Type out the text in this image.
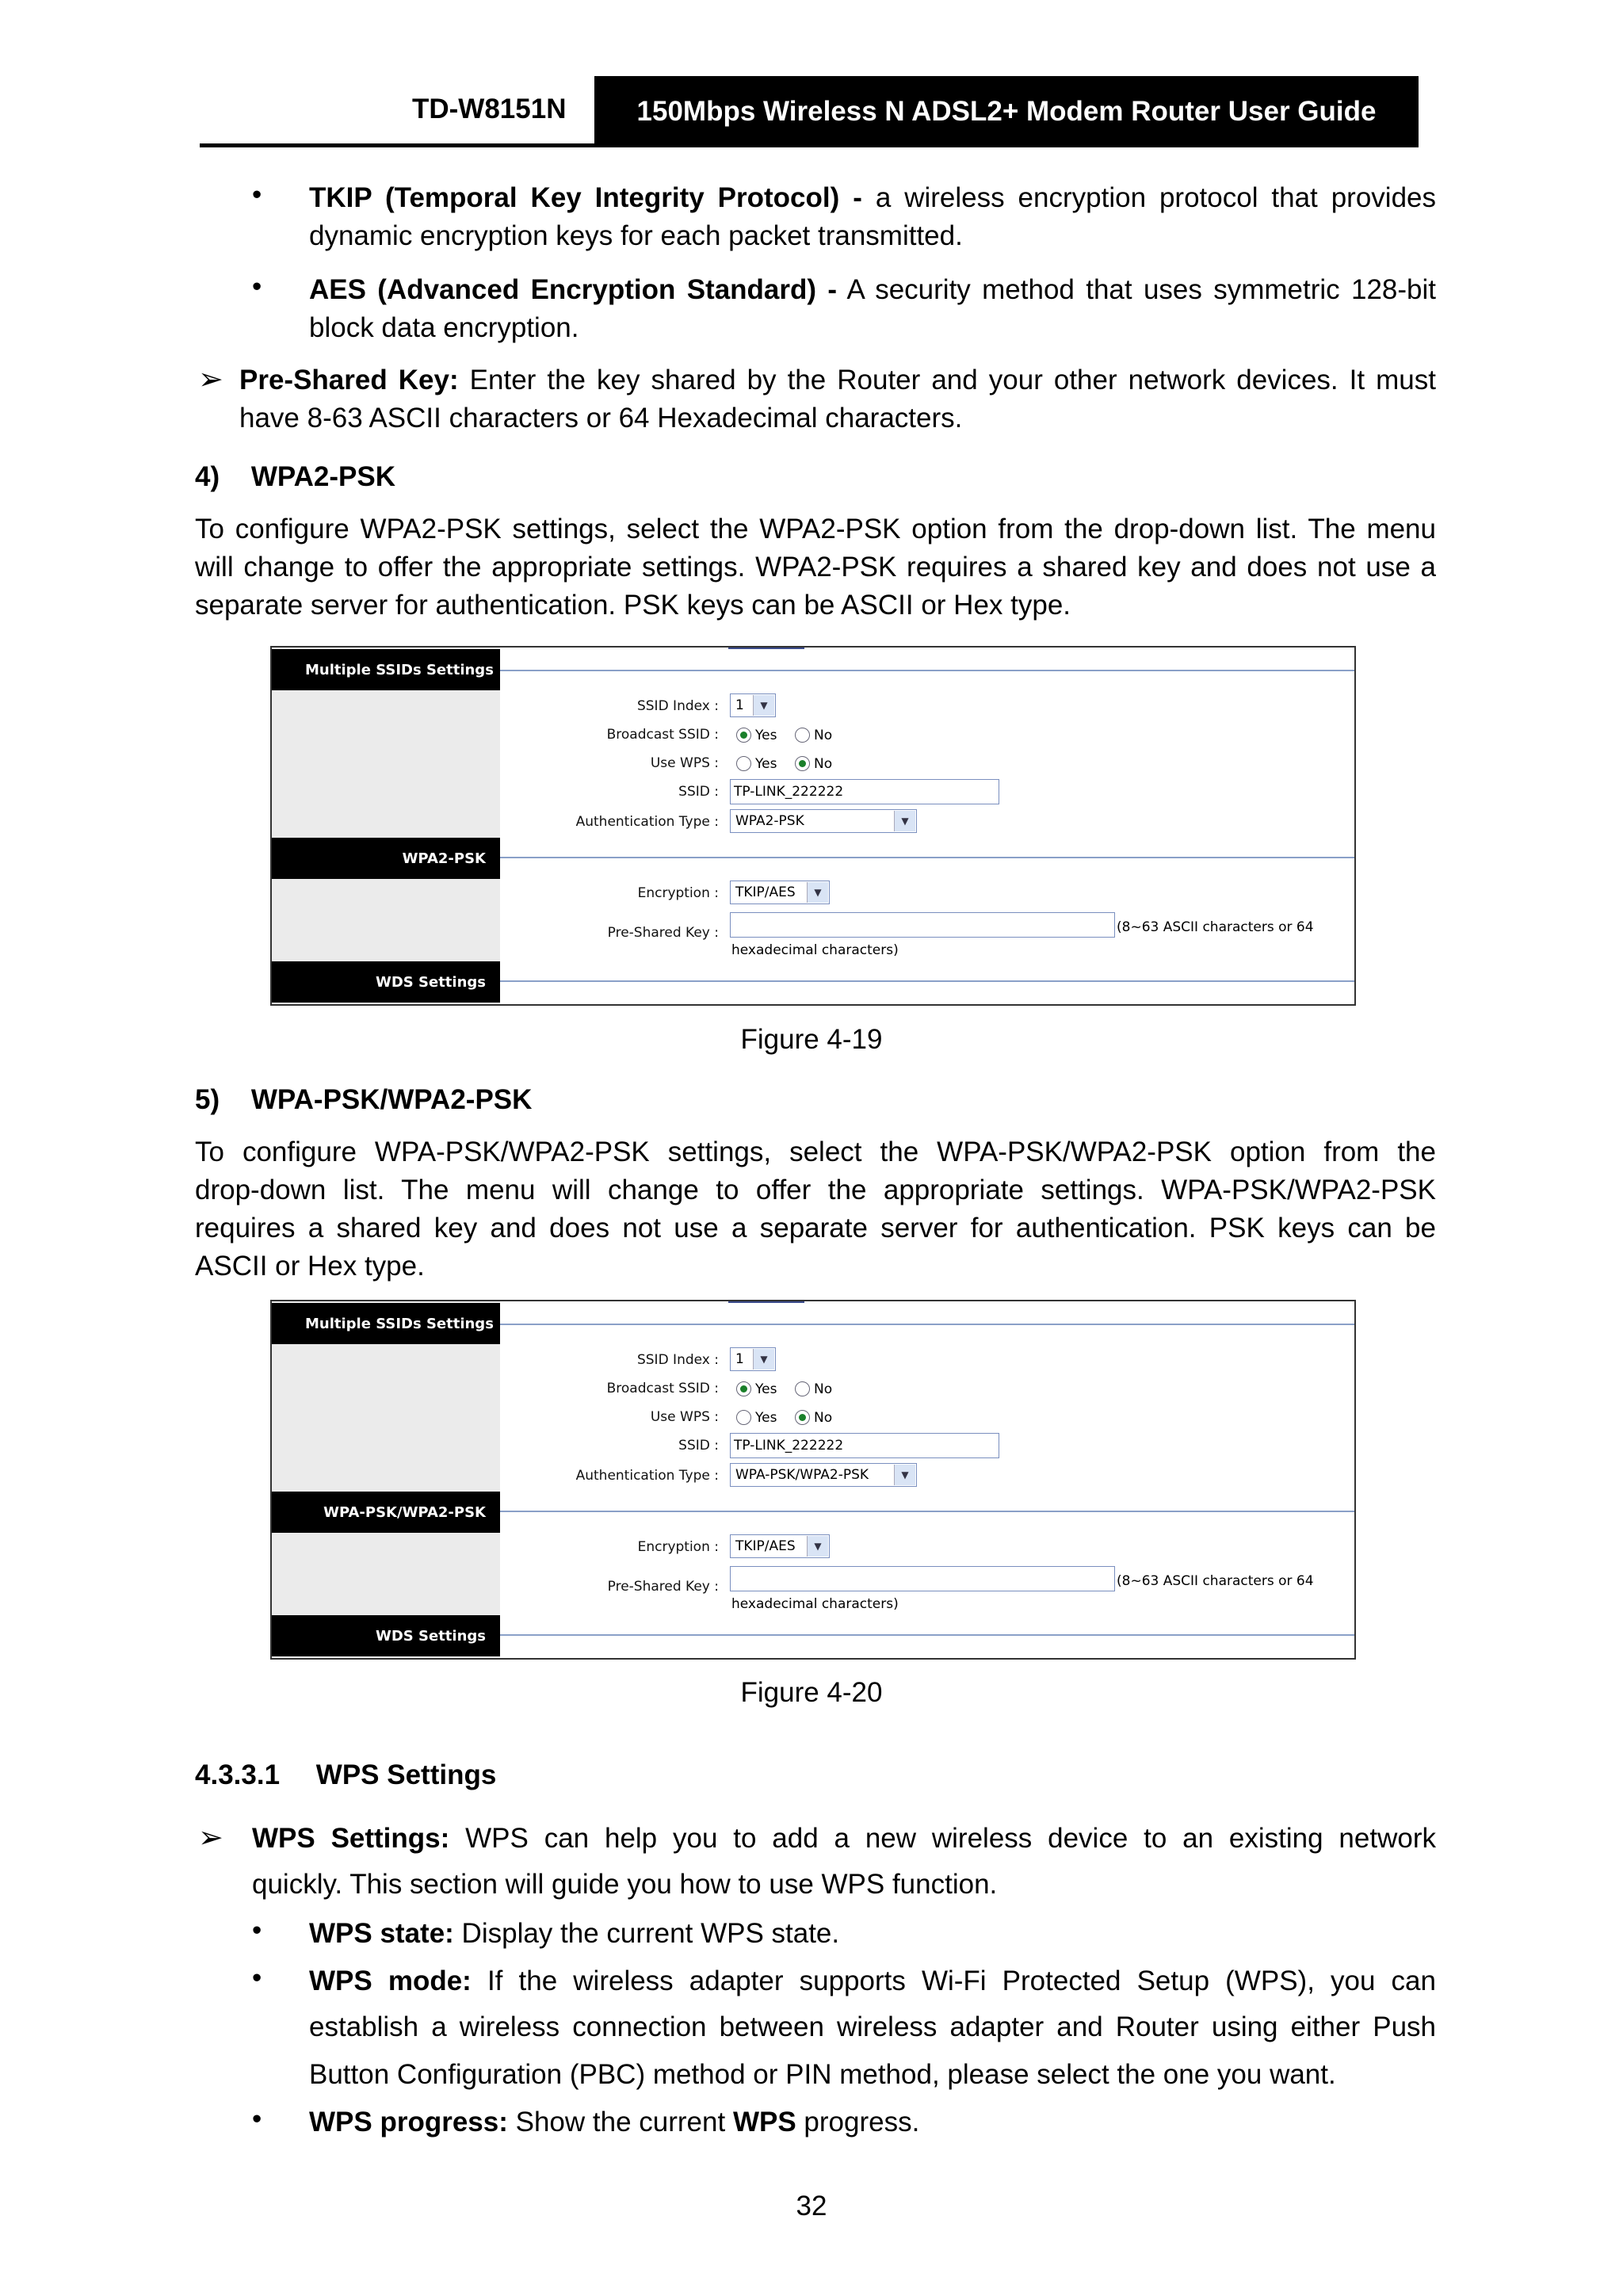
TD-W8151N	150Mbps Wireless N ADSL2+ Modem Router User Guide
• TKIP (Temporal Key Integrity Protocol) - a wireless encryption protocol that provides
dynamic encryption keys for each packet transmitted.
• AES (Advanced Encryption Standard) - A security method that uses symmetric 128-bit
block data encryption.
➢ Pre-Shared Key: Enter the key shared by the Router and your other network devices. It must
have 8-63 ASCII characters or 64 Hexadecimal characters.
4) WPA2-PSK
To configure WPA2-PSK settings, select the WPA2-PSK option from the drop-down list. The menu
will change to offer the appropriate settings. WPA2-PSK requires a shared key and does not use a
separate server for authentication. PSK keys can be ASCII or Hex type.
Multiple SSIDs Settings
WPA2-PSK
WDS Settings
SSID Index :	1	▼
Broadcast SSID :	Yes	No
Use WPS :	Yes	No
SSID : TP-LINK_222222
Authentication Type :	WPA2-PSK	▼
Encryption :	TKIP/AES	▼
Pre-Shared Key :	(8~63 ASCII characters or 64
hexadecimal characters)
Figure 4-19
5) WPA-PSK/WPA2-PSK
To configure WPA-PSK/WPA2-PSK settings, select the WPA-PSK/WPA2-PSK option from the
drop-down list. The menu will change to offer the appropriate settings. WPA-PSK/WPA2-PSK
requires a shared key and does not use a separate server for authentication. PSK keys can be
ASCII or Hex type.
Multiple SSIDs Settings
WPA-PSK/WPA2-PSK
WDS Settings
SSID Index :	1	▼
Broadcast SSID :	Yes	No
Use WPS :	Yes	No
SSID : TP-LINK_222222
Authentication Type :	WPA-PSK/WPA2-PSK	▼
Encryption :	TKIP/AES	▼
Pre-Shared Key :	(8~63 ASCII characters or 64
hexadecimal characters)
Figure 4-20
4.3.3.1 WPS Settings
➢ WPS Settings: WPS can help you to add a new wireless device to an existing network
quickly. This section will guide you how to use WPS function.
• WPS state: Display the current WPS state.
• WPS mode: If the wireless adapter supports Wi-Fi Protected Setup (WPS), you can
establish a wireless connection between wireless adapter and Router using either Push
Button Configuration (PBC) method or PIN method, please select the one you want.
• WPS progress: Show the current WPS progress.
32
